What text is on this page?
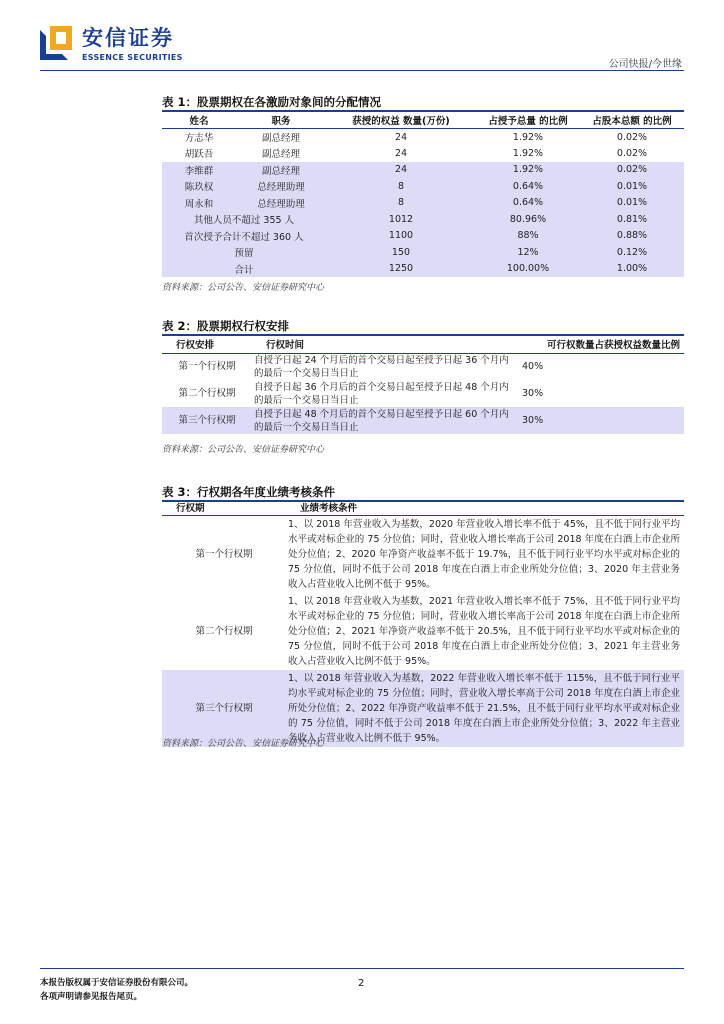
安信证券
ESSENCE SECURITIES
公司快报/今世缘
表 1：股票期权在各激励对象间的分配情况
姓名	职务	获授的权益 数量(万份)	占授予总量 的比例	占股本总额 的比例
方志华	副总经理	24	1.92%	0.02%
胡跃吾	副总经理	24	1.92%	0.02%
李维群	副总经理	24	1.92%	0.02%
陈玖权	总经理助理	8	0.64%	0.01%
周永和	总经理助理	8	0.64%	0.01%
其他人员不超过 355 人		1012	80.96%	0.81%
首次授予合计不超过 360 人		1100	88%	0.88%
预留		150	12%	0.12%
合计		1250	100.00%	1.00%
资料来源：公司公告、安信证券研究中心
表 2：股票期权行权安排
行权安排	行权时间	可行权数量占获授权益数量比例
第一个行权期	自授予日起 24 个月后的首个交易日起至授予日起 36 个月内
的最后一个交易日当日止	40%
第二个行权期	自授予日起 36 个月后的首个交易日起至授予日起 48 个月内
的最后一个交易日当日止	30%
第三个行权期	自授予日起 48 个月后的首个交易日起至授予日起 60 个月内
的最后一个交易日当日止	30%
资料来源：公司公告、安信证券研究中心
表 3：行权期各年度业绩考核条件
行权期	业绩考核条件
第一个行权期	1、以 2018 年营业收入为基数，2020 年营业收入增长率不低于 45%，且不低于同行业平均水平或对标企业的 75 分位值；同时，营业收入增长率高于公司 2018 年度在白酒上市企业所处分位值；2、2020 年净资产收益率不低于 19.7%，且不低于同行业平均水平或对标企业的 75 分位值，同时不低于公司 2018 年度在白酒上市企业所处分位值；3、2020 年主营业务收入占营业收入比例不低于 95%。
第二个行权期	1、以 2018 年营业收入为基数，2021 年营业收入增长率不低于 75%，且不低于同行业平均水平或对标企业的 75 分位值；同时，营业收入增长率高于公司 2018 年度在白酒上市企业所处分位值；2、2021 年净资产收益率不低于 20.5%，且不低于同行业平均水平或对标企业的 75 分位值，同时不低于公司 2018 年度在白酒上市企业所处分位值；3、2021 年主营业务收入占营业收入比例不低于 95%。
第三个行权期	1、以 2018 年营业收入为基数，2022 年营业收入增长率不低于 115%，且不低于同行业平均水平或对标企业的 75 分位值；同时，营业收入增长率高于公司 2018 年度在白酒上市企业所处分位值；2、2022 年净资产收益率不低于 21.5%，且不低于同行业平均水平或对标企业的 75 分位值，同时不低于公司 2018 年度在白酒上市企业所处分位值；3、2022 年主营业务收入占营业收入比例不低于 95%。
资料来源：公司公告、安信证券研究中心
本报告版权属于安信证券股份有限公司。
各项声明请参见报告尾页。
2
